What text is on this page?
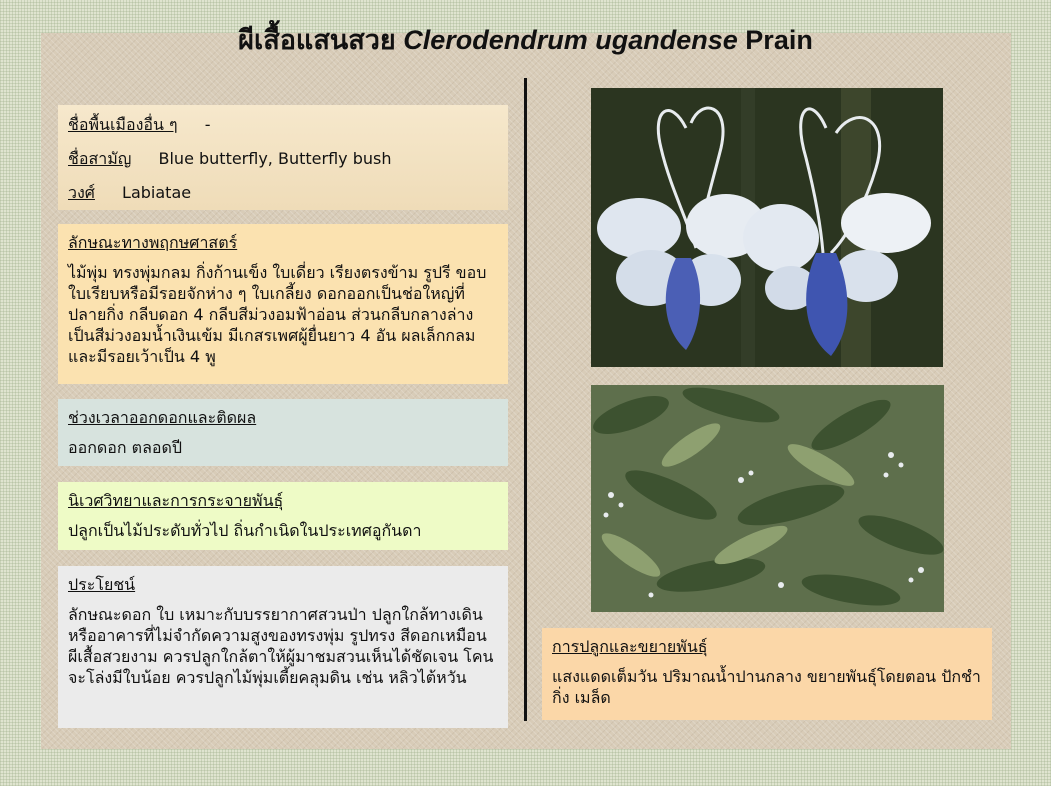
ผีเสื้อแสนสวย Clerodendrum ugandense Prain
ชื่อพื้นเมืองอื่น ๆ -
ชื่อสามัญ Blue butterfly, Butterfly bush
วงศ์ Labiatae
ลักษณะทางพฤกษศาสตร์
ไม้พุ่ม ทรงพุ่มกลม กิ่งก้านเข็ง ใบเดี่ยว เรียงตรงข้าม รูปรี ขอบใบเรียบหรือมีรอยจักห่าง ๆ ใบเกลี้ยง ดอกออกเป็นช่อใหญ่ที่ปลายกิ่ง กลีบดอก 4 กลีบสีม่วงอมฟ้าอ่อน ส่วนกลีบกลางล่างเป็นสีม่วงอมน้ำเงินเข้ม มีเกสรเพศผู้ยื่นยาว 4 อัน ผลเล็กกลมและมีรอยเว้าเป็น 4 พู
ช่วงเวลาออกดอกและติดผล
ออกดอก ตลอดปี
นิเวศวิทยาและการกระจายพันธุ์
ปลูกเป็นไม้ประดับทั่วไป ถิ่นกำเนิดในประเทศอูกันดา
ประโยชน์
ลักษณะดอก ใบ เหมาะกับบรรยากาศสวนป่า ปลูกใกล้ทางเดินหรืออาคารที่ไม่จำกัดความสูงของทรงพุ่ม รูปทรง สีดอกเหมือนผีเสื้อสวยงาม ควรปลูกใกล้ตาให้ผู้มาชมสวนเห็นได้ชัดเจน โคนจะโล่งมีใบน้อย ควรปลูกไม้พุ่มเตี้ยคลุมดิน เช่น หลิวไต้หวัน
การปลูกและขยายพันธุ์
แสงแดดเต็มวัน ปริมาณน้ำปานกลาง ขยายพันธุ์โดยตอน ปักชำกิ่ง เมล็ด
